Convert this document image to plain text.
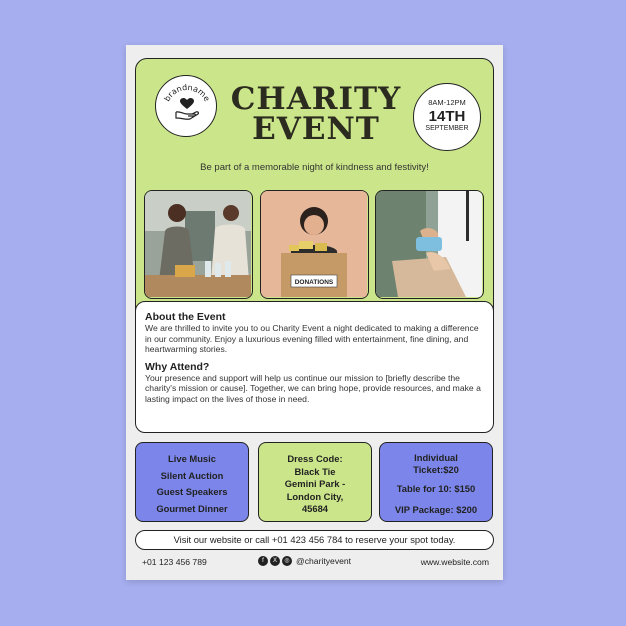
brandname CHARITY
EVENT
8AM-12PM
14TH
SEPTEMBER
Be part of a memorable night of kindness and festivity!
DONATIONS
About the Event

We are thrilled to invite you to ou Charity Event a night dedicated to making a difference in our community. Enjoy a luxurious evening filled with entertainment, fine dining, and heartwarming stories.

Why Attend?

Your presence and support will help us continue our mission to [briefly describe the charity's mission or cause]. Together, we can bring hope, provide resources, and make a lasting impact on the lives of those in need.

Live Music
Silent Auction
Guest Speakers
Gourmet Dinner
Dress Code:
Black Tie
Gemini Park -
London City,
45684
Individual
Ticket:$20
Table for 10: $150
VIP Package: $200
Visit our website or call +01 423 456 784 to reserve your spot today.
+01 123 456 789	f	X	◎ @charityevent	www.website.com
